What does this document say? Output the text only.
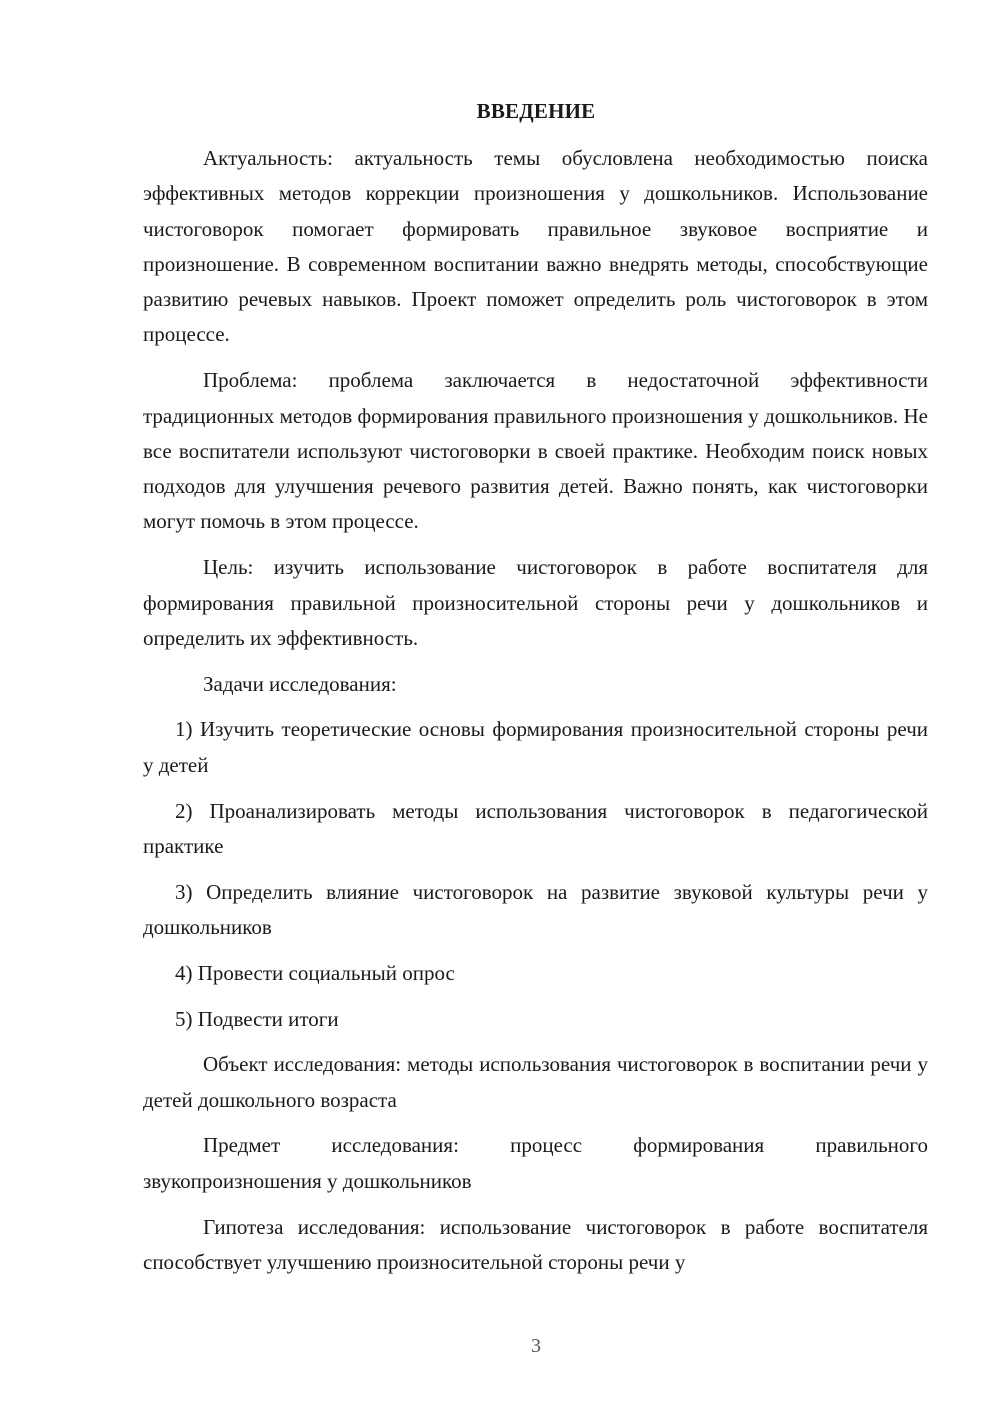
ВВЕДЕНИЕ

Актуальность: актуальность темы обусловлена необходимостью поиска эффективных методов коррекции произношения у дошкольников. Использование чистоговорок помогает формировать правильное звуковое восприятие и произношение. В современном воспитании важно внедрять методы, способствующие развитию речевых навыков. Проект поможет определить роль чистоговорок в этом процессе.

Проблема: проблема заключается в недостаточной эффективности традиционных методов формирования правильного произношения у дошкольников. Не все воспитатели используют чистоговорки в своей практике. Необходим поиск новых подходов для улучшения речевого развития детей. Важно понять, как чистоговорки могут помочь в этом процессе.

Цель: изучить использование чистоговорок в работе воспитателя для формирования правильной произносительной стороны речи у дошкольников и определить их эффективность.

Задачи исследования:

1) Изучить теоретические основы формирования произносительной стороны речи у детей

2) Проанализировать методы использования чистоговорок в педагогической практике

3) Определить влияние чистоговорок на развитие звуковой культуры речи у дошкольников

4) Провести социальный опрос

5) Подвести итоги

Объект исследования: методы использования чистоговорок в воспитании речи у детей дошкольного возраста

Предмет исследования: процесс формирования правильного звукопроизношения у дошкольников

Гипотеза исследования: использование чистоговорок в работе воспитателя способствует улучшению произносительной стороны речи у

3
